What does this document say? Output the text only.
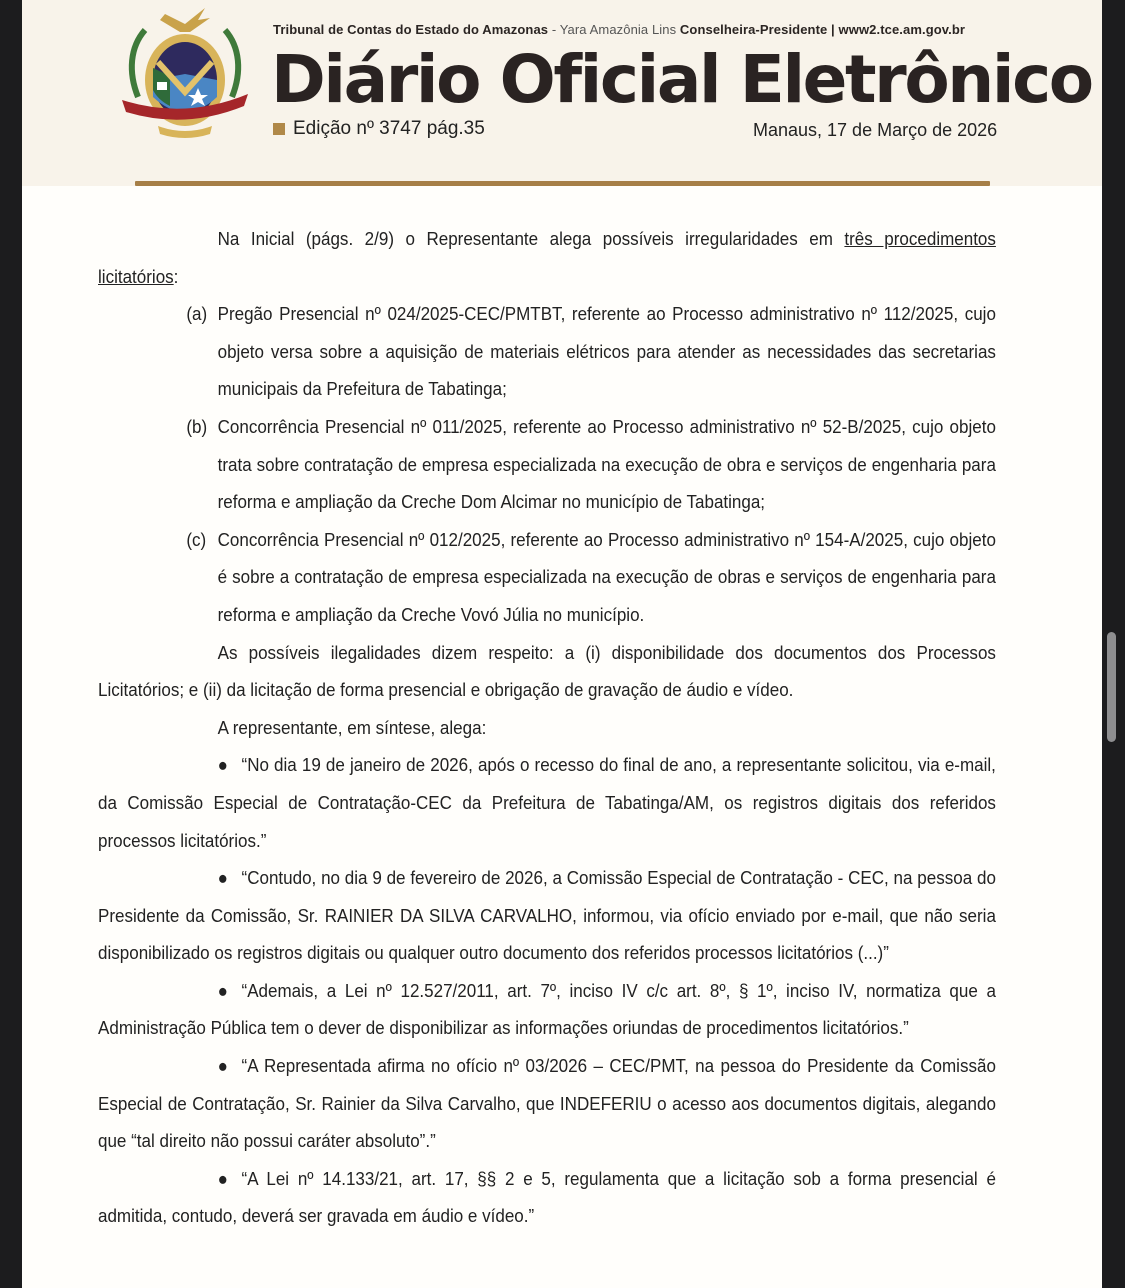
Tribunal de Contas do Estado do Amazonas - Yara Amazônia Lins Conselheira-Presidente | www2.tce.am.gov.br
Diário Oficial Eletrônico
Edição nº 3747 pág.35	Manaus, 17 de Março de 2026

Na Inicial (págs. 2/9) o Representante alega possíveis irregularidades em três procedimentos licitatórios:

(a) Pregão Presencial nº 024/2025-CEC/PMTBT, referente ao Processo administrativo nº 112/2025, cujo objeto versa sobre a aquisição de materiais elétricos para atender as necessidades das secretarias municipais da Prefeitura de Tabatinga;
(b) Concorrência Presencial nº 011/2025, referente ao Processo administrativo nº 52-B/2025, cujo objeto trata sobre contratação de empresa especializada na execução de obra e serviços de engenharia para reforma e ampliação da Creche Dom Alcimar no município de Tabatinga;
(c) Concorrência Presencial nº 012/2025, referente ao Processo administrativo nº 154-A/2025, cujo objeto é sobre a contratação de empresa especializada na execução de obras e serviços de engenharia para reforma e ampliação da Creche Vovó Júlia no município.

As possíveis ilegalidades dizem respeito: a (i) disponibilidade dos documentos dos Processos Licitatórios; e (ii) da licitação de forma presencial e obrigação de gravação de áudio e vídeo.

A representante, em síntese, alega:

● “No dia 19 de janeiro de 2026, após o recesso do final de ano, a representante solicitou, via e-mail, da Comissão Especial de Contratação-CEC da Prefeitura de Tabatinga/AM, os registros digitais dos referidos processos licitatórios.”

● “Contudo, no dia 9 de fevereiro de 2026, a Comissão Especial de Contratação - CEC, na pessoa do Presidente da Comissão, Sr. RAINIER DA SILVA CARVALHO, informou, via ofício enviado por e-mail, que não seria disponibilizado os registros digitais ou qualquer outro documento dos referidos processos licitatórios (...)”

● “Ademais, a Lei nº 12.527/2011, art. 7º, inciso IV c/c art. 8º, § 1º, inciso IV, normatiza que a Administração Pública tem o dever de disponibilizar as informações oriundas de procedimentos licitatórios.”

● “A Representada afirma no ofício nº 03/2026 – CEC/PMT, na pessoa do Presidente da Comissão Especial de Contratação, Sr. Rainier da Silva Carvalho, que INDEFERIU o acesso aos documentos digitais, alegando que “tal direito não possui caráter absoluto”.”

● “A Lei nº 14.133/21, art. 17, §§ 2 e 5, regulamenta que a licitação sob a forma presencial é admitida, contudo, deverá ser gravada em áudio e vídeo.”
